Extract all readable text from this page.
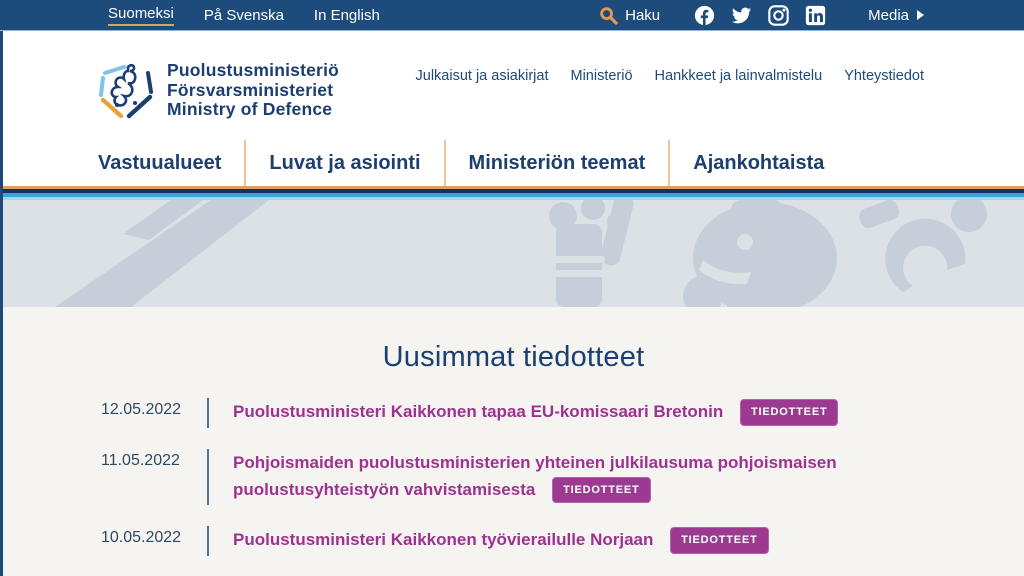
Suomeksi På Svenska In English	Haku	Media
Puolustusministeriö
Försvarsministeriet
Ministry of Defence
Julkaisut ja asiakirjat Ministeriö Hankkeet ja lainvalmistelu Yhteystiedot
Vastuualueet	Luvat ja asiointi	Ministeriön teemat	Ajankohtaista
Uusimmat tiedotteet
12.05.2022	Puolustusministeri Kaikkonen tapaa EU-komissaari Bretonin	TIEDOTTEET
11.05.2022	Pohjoismaiden puolustusministerien yhteinen julkilausuma pohjoismaisen puolustusyhteistyön vahvistamisesta	TIEDOTTEET
10.05.2022	Puolustusministeri Kaikkonen työvierailulle Norjaan	TIEDOTTEET
